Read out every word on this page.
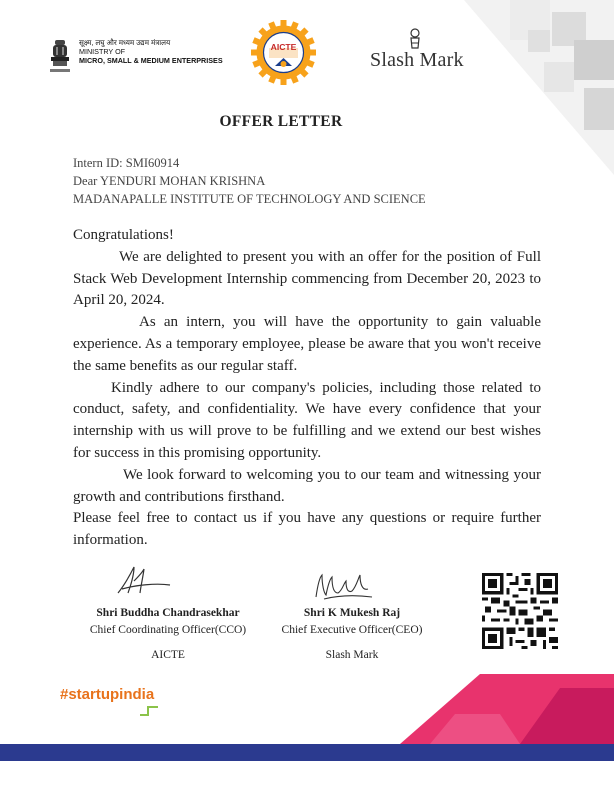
सूक्ष्म, लघु और मध्यम उद्यम मंत्रालय
MINISTRY OF
MICRO, SMALL & MEDIUM ENTERPRISES
AICTE
Slash Mark
OFFER LETTER
Intern ID: SMI60914
Dear YENDURI MOHAN KRISHNA
MADANAPALLE INSTITUTE OF TECHNOLOGY AND SCIENCE

Congratulations!

We are delighted to present you with an offer for the position of Full Stack Web Development Internship commencing from December 20, 2023 to April 20, 2024.

As an intern, you will have the opportunity to gain valuable experience. As a temporary employee, please be aware that you won't receive the same benefits as our regular staff.

Kindly adhere to our company's policies, including those related to conduct, safety, and confidentiality. We have every confidence that your internship with us will prove to be fulfilling and we extend our best wishes for success in this promising opportunity.

We look forward to welcoming you to our team and witnessing your growth and contributions firsthand.

Please feel free to contact us if you have any questions or require further information.

Shri Buddha Chandrasekhar
Chief Coordinating Officer(CCO)
AICTE
Shri K Mukesh Raj
Chief Executive Officer(CEO)
Slash Mark
#startupindia
